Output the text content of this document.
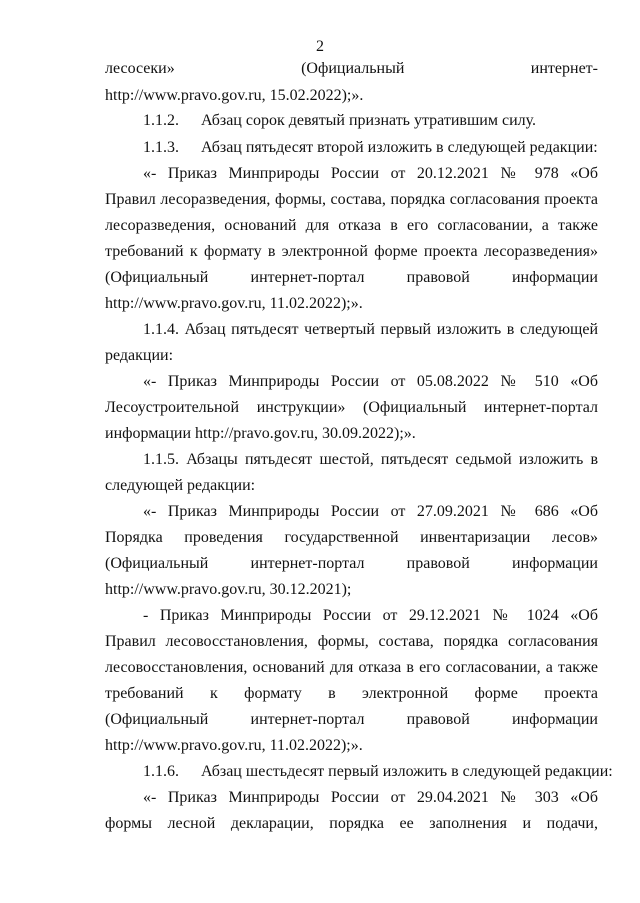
2
лесосеки»       (Официальный       интернет-
http://www.pravo.gov.ru, 15.02.2022);».
1.1.2. Абзац сорок девятый признать утратившим силу.
1.1.3. Абзац пятьдесят второй изложить в следующей редакции:
«- Приказ Минприроды России от 20.12.2021 № 978 «Об
Правил лесоразведения, формы, состава, порядка согласования проекта
лесоразведения, оснований для отказа в его согласовании, а также
требований к формату в электронной форме проекта лесоразведения»
(Официальный интернет-портал правовой информации
http://www.pravo.gov.ru, 11.02.2022);».
1.1.4. Абзац пятьдесят четвертый первый изложить в следующей
редакции:
«- Приказ Минприроды России от 05.08.2022 № 510 «Об
Лесоустроительной инструкции» (Официальный интернет-портал
информации http://pravo.gov.ru, 30.09.2022);».
1.1.5. Абзацы пятьдесят шестой, пятьдесят седьмой изложить в
следующей редакции:
«- Приказ Минприроды России от 27.09.2021 № 686 «Об
Порядка проведения государственной инвентаризации лесов»
(Официальный интернет-портал правовой информации
http://www.pravo.gov.ru, 30.12.2021);
- Приказ Минприроды России от 29.12.2021 № 1024 «Об
Правил лесовосстановления, формы, состава, порядка согласования
лесовосстановления, оснований для отказа в его согласовании, а также
требований к формату в электронной форме проекта
(Официальный интернет-портал правовой информации
http://www.pravo.gov.ru, 11.02.2022);».
1.1.6. Абзац шестьдесят первый изложить в следующей редакции:
«- Приказ Минприроды России от 29.04.2021 № 303 «Об
формы лесной декларации, порядка ее заполнения и подачи,
